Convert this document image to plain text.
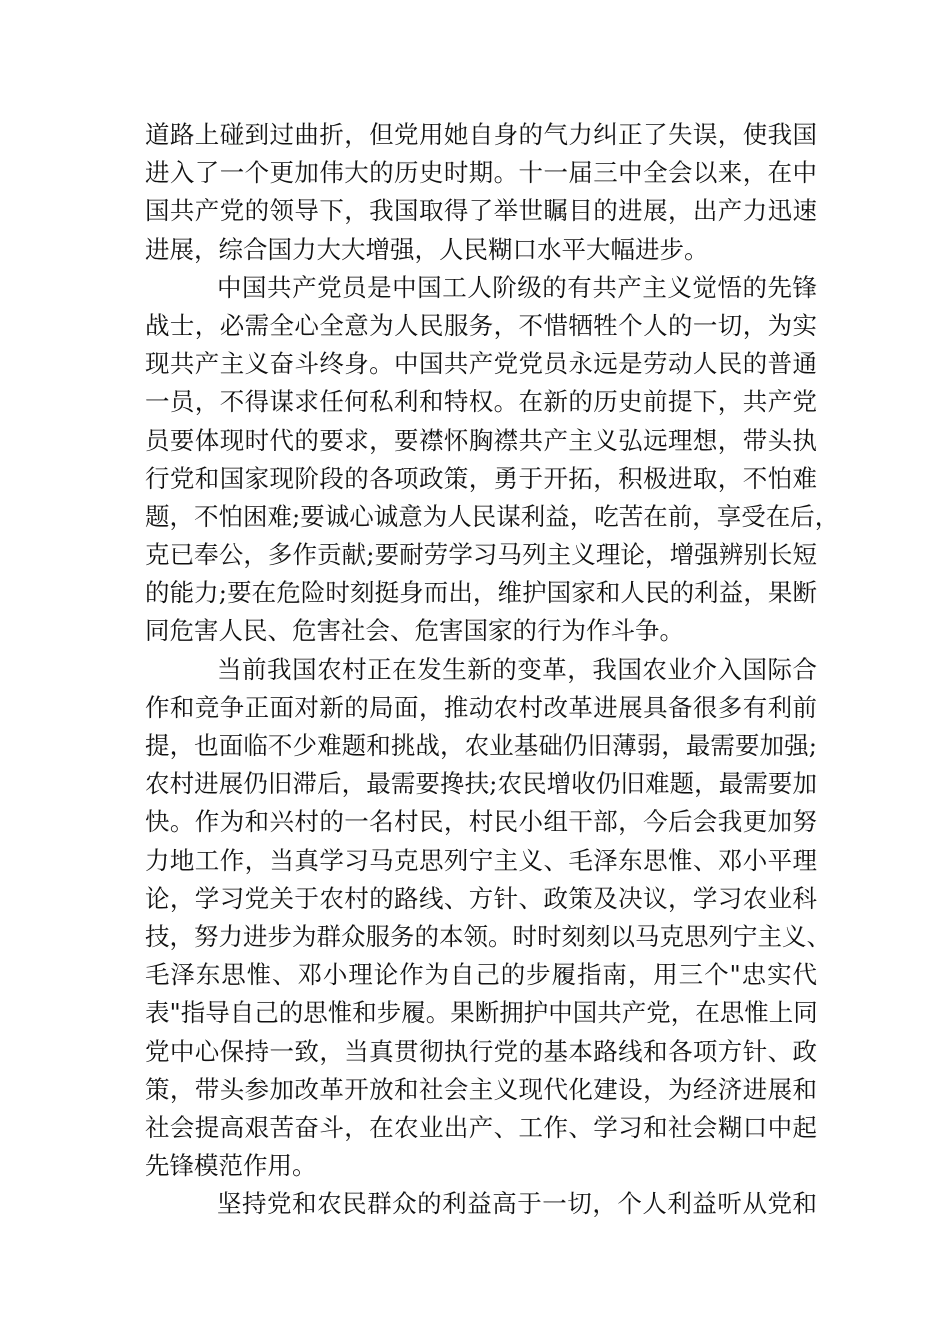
道路上碰到过曲折，但党用她自身的气力纠正了失误，使我国
进入了一个更加伟大的历史时期。十一届三中全会以来，在中
国共产党的领导下，我国取得了举世瞩目的进展，出产力迅速
进展，综合国力大大增强，人民糊口水平大幅进步。
中国共产党员是中国工人阶级的有共产主义觉悟的先锋
战士，必需全心全意为人民服务，不惜牺牲个人的一切，为实
现共产主义奋斗终身。中国共产党党员永远是劳动人民的普通
一员，不得谋求任何私利和特权。在新的历史前提下，共产党
员要体现时代的要求，要襟怀胸襟共产主义弘远理想，带头执
行党和国家现阶段的各项政策，勇于开拓，积极进取，不怕难
题，不怕困难;要诚心诚意为人民谋利益，吃苦在前，享受在后，
克已奉公，多作贡献;要耐劳学习马列主义理论，增强辨别长短
的能力;要在危险时刻挺身而出，维护国家和人民的利益，果断
同危害人民、危害社会、危害国家的行为作斗争。
当前我国农村正在发生新的变革，我国农业介入国际合
作和竞争正面对新的局面，推动农村改革进展具备很多有利前
提，也面临不少难题和挑战，农业基础仍旧薄弱，最需要加强;
农村进展仍旧滞后，最需要搀扶;农民增收仍旧难题，最需要加
快。作为和兴村的一名村民，村民小组干部，今后会我更加努
力地工作，当真学习马克思列宁主义、毛泽东思惟、邓小平理
论，学习党关于农村的路线、方针、政策及决议，学习农业科
技，努力进步为群众服务的本领。时时刻刻以马克思列宁主义、
毛泽东思惟、邓小理论作为自己的步履指南，用三个"忠实代
表"指导自己的思惟和步履。果断拥护中国共产党，在思惟上同
党中心保持一致，当真贯彻执行党的基本路线和各项方针、政
策，带头参加改革开放和社会主义现代化建设，为经济进展和
社会提高艰苦奋斗，在农业出产、工作、学习和社会糊口中起
先锋模范作用。
坚持党和农民群众的利益高于一切，个人利益听从党和
